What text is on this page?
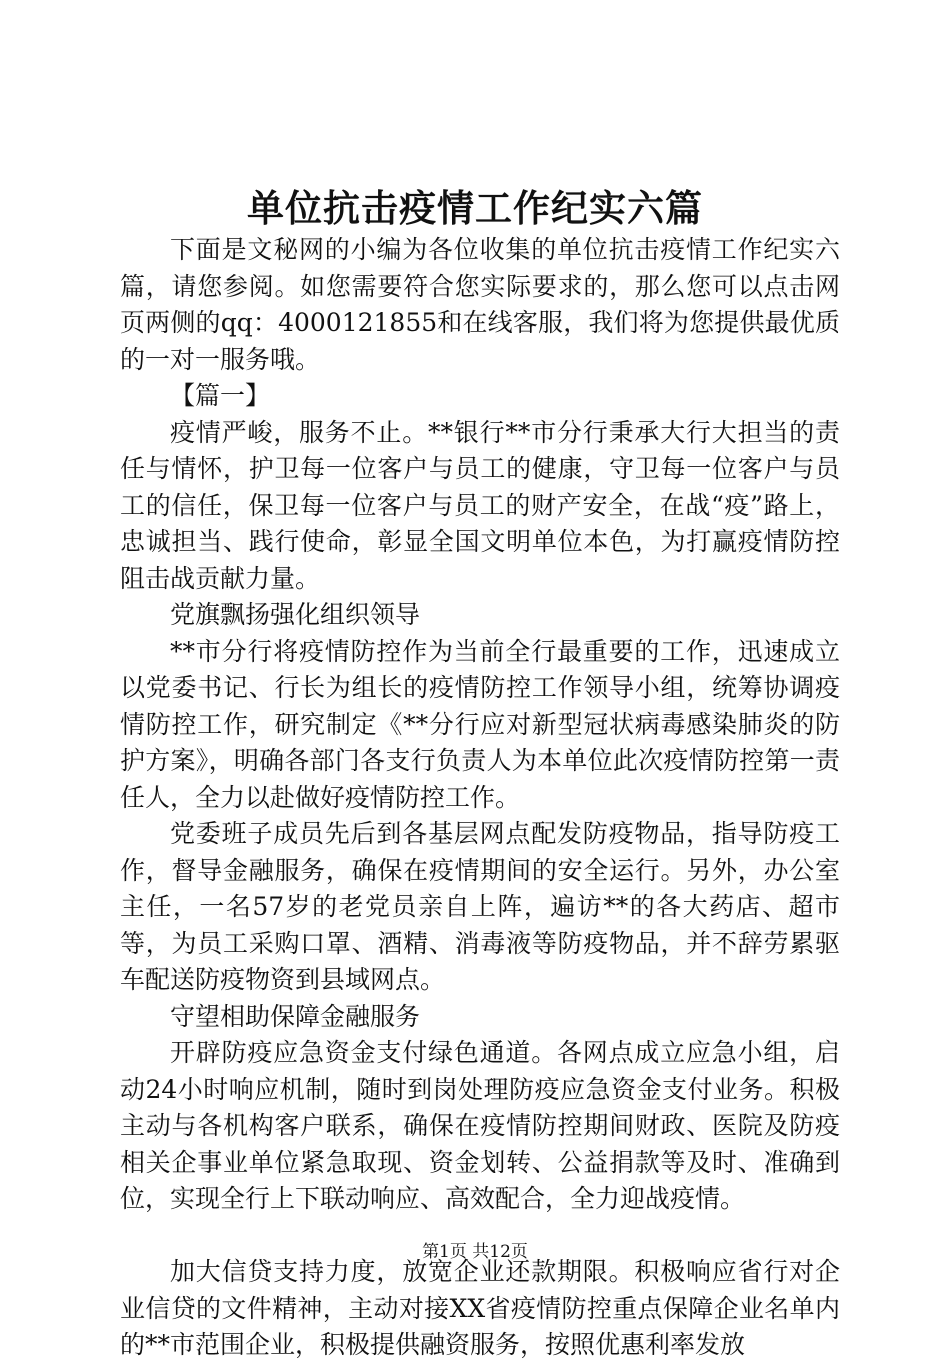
单位抗击疫情工作纪实六篇

下面是文秘网的小编为各位收集的单位抗击疫情工作纪实六篇，请您参阅。如您需要符合您实际要求的，那么您可以点击网页两侧的qq：4000121855和在线客服，我们将为您提供最优质的一对一服务哦。

【篇一】

疫情严峻，服务不止。**银行**市分行秉承大行大担当的责任与情怀，护卫每一位客户与员工的健康，守卫每一位客户与员工的信任，保卫每一位客户与员工的财产安全，在战“疫”路上，忠诚担当、践行使命，彰显全国文明单位本色，为打赢疫情防控阻击战贡献力量。

党旗飘扬强化组织领导

**市分行将疫情防控作为当前全行最重要的工作，迅速成立以党委书记、行长为组长的疫情防控工作领导小组，统筹协调疫情防控工作，研究制定《**分行应对新型冠状病毒感染肺炎的防护方案》，明确各部门各支行负责人为本单位此次疫情防控第一责任人，全力以赴做好疫情防控工作。

党委班子成员先后到各基层网点配发防疫物品，指导防疫工作，督导金融服务，确保在疫情期间的安全运行。另外，办公室主任，一名57岁的老党员亲自上阵，遍访**的各大药店、超市等，为员工采购口罩、酒精、消毒液等防疫物品，并不辞劳累驱车配送防疫物资到县域网点。

守望相助保障金融服务

开辟防疫应急资金支付绿色通道。各网点成立应急小组，启动24小时响应机制，随时到岗处理防疫应急资金支付业务。积极主动与各机构客户联系，确保在疫情防控期间财政、医院及防疫相关企事业单位紧急取现、资金划转、公益捐款等及时、准确到位，实现全行上下联动响应、高效配合，全力迎战疫情。

加大信贷支持力度，放宽企业还款期限。积极响应省行对企业信贷的文件精神，主动对接XX省疫情防控重点保障企业名单内的**市范围企业，积极提供融资服务，按照优惠利率发放

第1页 共12页
